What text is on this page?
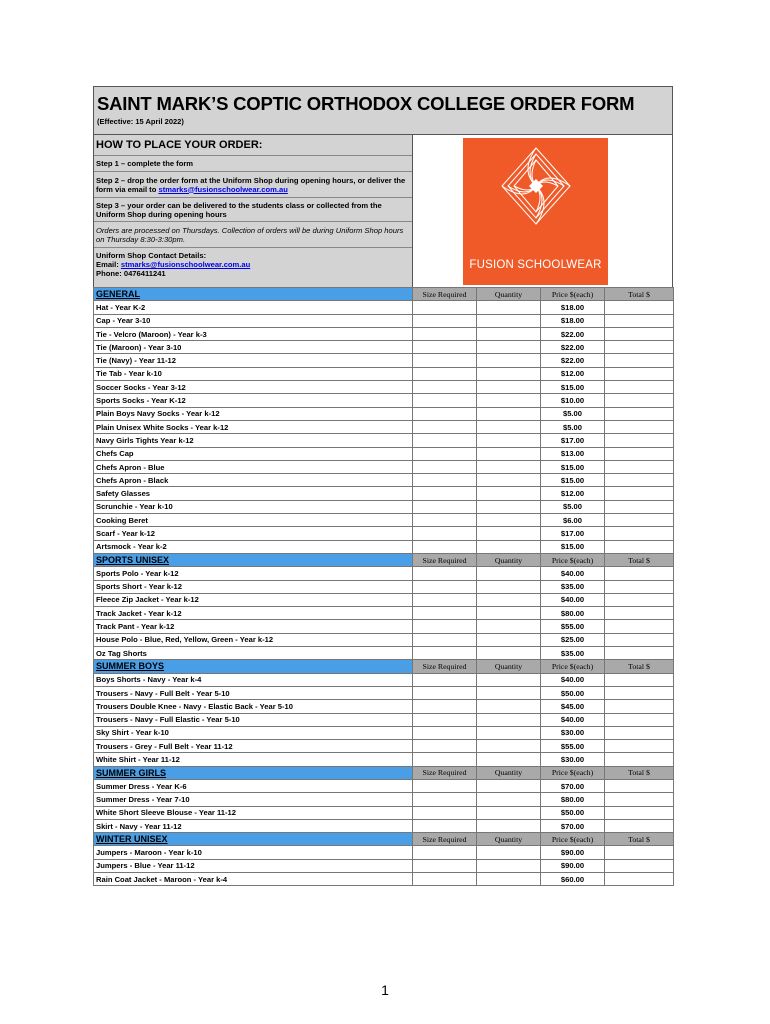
SAINT MARK’S COPTIC ORTHODOX COLLEGE ORDER FORM
(Effective: 15 April 2022)
HOW TO PLACE YOUR ORDER:
Step 1 – complete the form
Step 2 – drop the order form at the Uniform Shop during opening hours, or deliver the form via email to stmarks@fusionschoolwear.com.au
Step 3 – your order can be delivered to the students class or collected from the Uniform Shop during opening hours
Orders are processed on Thursdays. Collection of orders will be during Uniform Shop hours on Thursday 8:30-3:30pm.
Uniform Shop Contact Details:
Email: stmarks@fusionschoolwear.com.au
Phone: 0476411241
FUSION SCHOOLWEAR
GENERAL	Size Required	Quantity	Price $(each)	Total $
Hat - Year K-2			$18.00	
Cap - Year 3-10			$18.00	
Tie - Velcro (Maroon) - Year k-3			$22.00	
Tie (Maroon) - Year 3-10			$22.00	
Tie (Navy) - Year 11-12			$22.00	
Tie Tab - Year k-10			$12.00	
Soccer Socks - Year 3-12			$15.00	
Sports Socks - Year K-12			$10.00	
Plain Boys Navy Socks - Year k-12			$5.00	
Plain Unisex White Socks - Year k-12			$5.00	
Navy Girls Tights Year k-12			$17.00	
Chefs Cap			$13.00	
Chefs Apron - Blue			$15.00	
Chefs Apron - Black			$15.00	
Safety Glasses			$12.00	
Scrunchie - Year k-10			$5.00	
Cooking Beret			$6.00	
Scarf - Year k-12			$17.00	
Artsmock - Year k-2			$15.00	
SPORTS UNISEX	Size Required	Quantity	Price $(each)	Total $
Sports Polo - Year k-12			$40.00	
Sports Short - Year k-12			$35.00	
Fleece Zip Jacket - Year k-12			$40.00	
Track Jacket - Year k-12			$80.00	
Track Pant - Year k-12			$55.00	
House Polo - Blue, Red, Yellow, Green - Year k-12			$25.00	
Oz Tag Shorts			$35.00	
SUMMER BOYS	Size Required	Quantity	Price $(each)	Total $
Boys Shorts - Navy - Year k-4			$40.00	
Trousers - Navy - Full Belt - Year 5-10			$50.00	
Trousers Double Knee - Navy - Elastic Back - Year 5-10			$45.00	
Trousers - Navy - Full Elastic - Year 5-10			$40.00	
Sky Shirt - Year k-10			$30.00	
Trousers - Grey - Full Belt - Year 11-12			$55.00	
White Shirt - Year 11-12			$30.00	
SUMMER GIRLS	Size Required	Quantity	Price $(each)	Total $
Summer Dress - Year K-6			$70.00	
Summer Dress - Year 7-10			$80.00	
White Short Sleeve Blouse - Year 11-12			$50.00	
Skirt - Navy - Year 11-12			$70.00	
WINTER UNISEX	Size Required	Quantity	Price $(each)	Total $
Jumpers - Maroon - Year k-10			$90.00	
Jumpers - Blue - Year 11-12			$90.00	
Rain Coat Jacket - Maroon - Year k-4			$60.00	
1
